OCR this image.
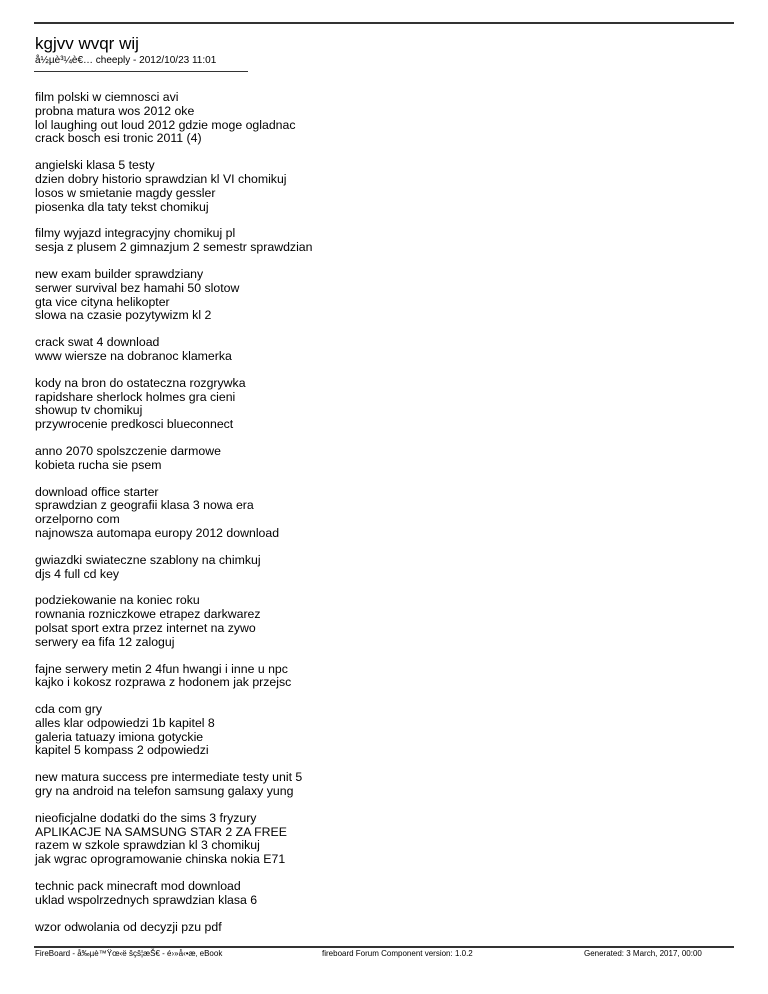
kgjvv wvqr wij
å½µè³¼è€… cheeply - 2012/10/23 11:01
film polski w ciemnosci avi
probna matura wos 2012 oke
lol laughing out loud 2012 gdzie moge ogladnac
crack bosch esi tronic 2011 (4)
angielski klasa 5 testy
dzien dobry historio sprawdzian kl VI chomikuj
losos w smietanie magdy gessler
piosenka dla taty tekst chomikuj
filmy wyjazd integracyjny chomikuj pl
sesja z plusem 2 gimnazjum 2 semestr sprawdzian
new exam builder sprawdziany
serwer survival bez hamahi 50 slotow
gta vice cityna helikopter
slowa na czasie pozytywizm kl 2
crack swat 4 download
www wiersze na dobranoc klamerka
kody na bron do ostateczna rozgrywka
rapidshare sherlock holmes gra cieni
showup tv chomikuj
przywrocenie predkosci blueconnect
anno 2070 spolszczenie darmowe
kobieta rucha sie psem
download office starter
sprawdzian z geografii klasa 3 nowa era
orzelporno com
najnowsza automapa europy 2012 download
gwiazdki swiateczne szablony na chimkuj
djs 4 full cd key
podziekowanie na koniec roku
rownania rozniczkowe etrapez darkwarez
polsat sport extra przez internet na zywo
serwery ea fifa 12 zaloguj
fajne serwery metin 2 4fun hwangi i inne u npc
kajko i kokosz rozprawa z hodonem jak przejsc
cda com gry
alles klar odpowiedzi 1b kapitel 8
galeria tatuazy imiona gotyckie
kapitel 5 kompass 2 odpowiedzi
new matura success pre intermediate testy unit 5
gry na android na telefon samsung galaxy yung
nieoficjalne dodatki do the sims 3 fryzury
APLIKACJE NA SAMSUNG STAR 2 ZA FREE
razem w szkole sprawdzian kl 3 chomikuj
jak wgrac oprogramowanie chinska nokia E71
technic pack minecraft mod download
uklad wspolrzednych sprawdzian klasa 6
wzor odwolania od decyzji pzu pdf
FireBoard - å‰µè™Ÿœ‹ë šçš¦æŠ€ - é›»å‹•æ‚ eBook	fireboard Forum Component version: 1.0.2	Generated: 3 March, 2017, 00:00
